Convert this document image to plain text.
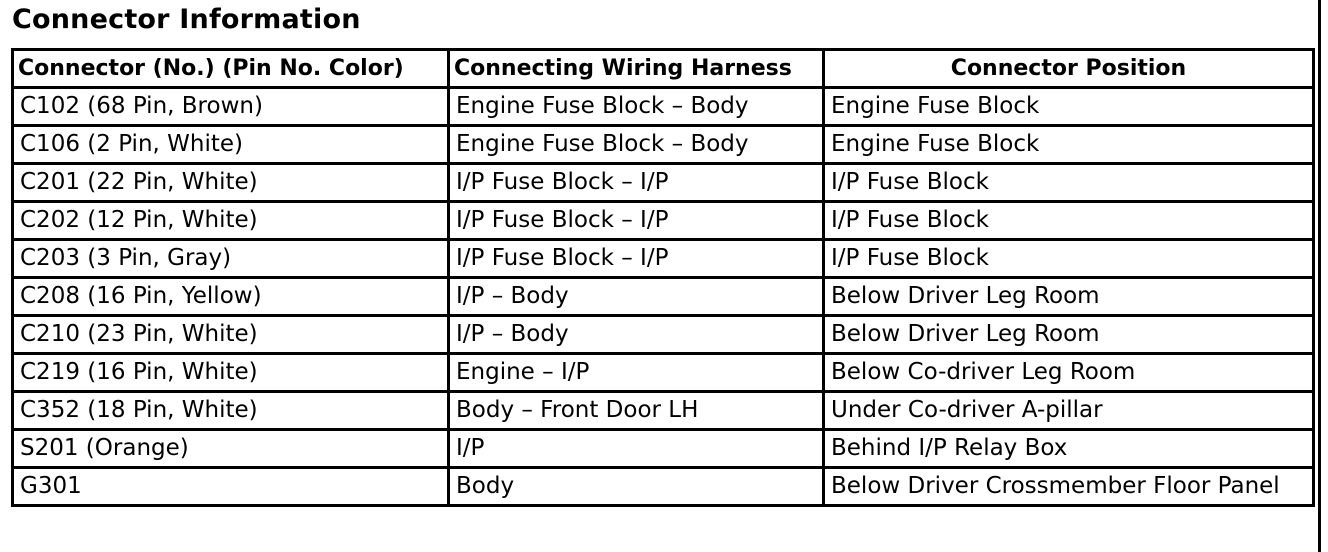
Connector Information
Connector (No.) (Pin No. Color)	Connecting Wiring Harness	Connector Position
C102 (68 Pin, Brown)	Engine Fuse Block – Body	Engine Fuse Block
C106 (2 Pin, White)	Engine Fuse Block – Body	Engine Fuse Block
C201 (22 Pin, White)	I/P Fuse Block – I/P	I/P Fuse Block
C202 (12 Pin, White)	I/P Fuse Block – I/P	I/P Fuse Block
C203 (3 Pin, Gray)	I/P Fuse Block – I/P	I/P Fuse Block
C208 (16 Pin, Yellow)	I/P – Body	Below Driver Leg Room
C210 (23 Pin, White)	I/P – Body	Below Driver Leg Room
C219 (16 Pin, White)	Engine – I/P	Below Co-driver Leg Room
C352 (18 Pin, White)	Body – Front Door LH	Under Co-driver A-pillar
S201 (Orange)	I/P	Behind I/P Relay Box
G301	Body	Below Driver Crossmember Floor Panel
